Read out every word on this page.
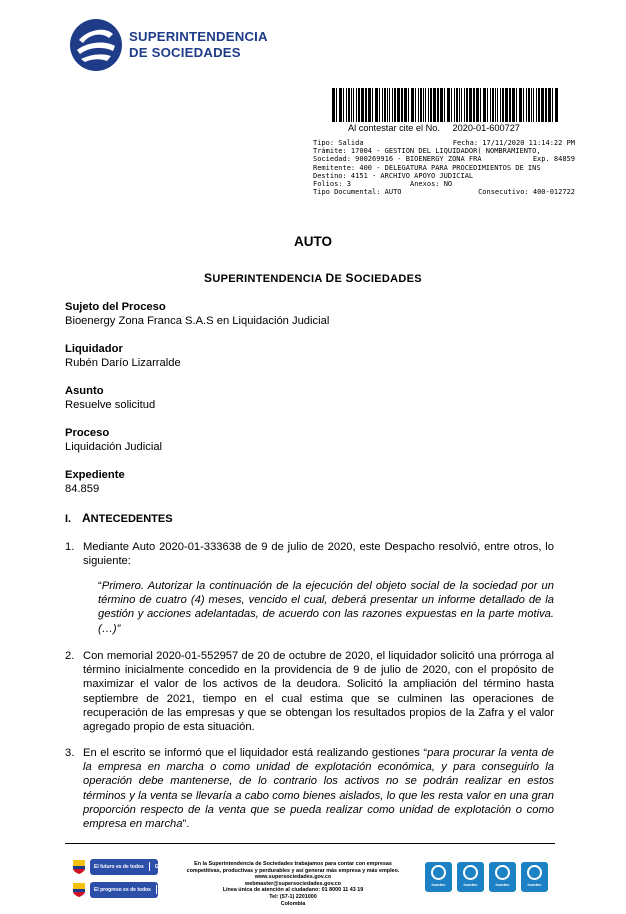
SUPERINTENDENCIA
DE SOCIEDADES
Al contestar cite el No. 2020-01-600727
Tipo: Salida	Fecha: 17/11/2020 11:14:22 PM
Trámite: 17004 - GESTION DEL LIQUIDADOR( NOMBRAMIENTO,
Sociedad: 900269916 - BIOENERGY ZONA FRA	Exp. 84859
Remitente: 400 - DELEGATURA PARA PROCEDIMIENTOS DE INS
Destino: 4151 - ARCHIVO APOYO JUDICIAL
Folios: 3	Anexos: NO
Tipo Documental: AUTO	Consecutivo: 400-012722
AUTO
SUPERINTENDENCIA DE SOCIEDADES
Sujeto del Proceso
Bioenergy Zona Franca S.A.S en Liquidación Judicial
Liquidador
Rubén Darío Lizarralde
Asunto
Resuelve solicitud
Proceso
Liquidación Judicial
Expediente
84.859
I. ANTECEDENTES
1. Mediante Auto 2020-01-333638 de 9 de julio de 2020, este Despacho resolvió, entre otros, lo siguiente:
“Primero. Autorizar la continuación de la ejecución del objeto social de la sociedad por un término de cuatro (4) meses, vencido el cual, deberá presentar un informe detallado de la gestión y acciones adelantadas, de acuerdo con las razones expuestas en la parte motiva. (…)”
2. Con memorial 2020-01-552957 de 20 de octubre de 2020, el liquidador solicitó una prórroga al término inicialmente concedido en la providencia de 9 de julio de 2020, con el propósito de maximizar el valor de los activos de la deudora. Solicitó la ampliación del término hasta septiembre de 2021, tiempo en el cual estima que se culminen las operaciones de recuperación de las empresas y que se obtengan los resultados propios de la Zafra y el valor agregado propio de esta situación.
3. En el escrito se informó que el liquidador está realizando gestiones “para procurar la venta de la empresa en marcha o como unidad de explotación económica, y para conseguirlo la operación debe mantenerse, de lo contrario los activos no se podrán realizar en estos términos y la venta se llevaría a cabo como bienes aislados, lo que les resta valor en una gran proporción respecto de la venta que se pueda realizar como unidad de explotación o como empresa en marcha”.
El futuro es de todos Gobierno de Colombia
El progreso es de todos MinComercio
En la Superintendencia de Sociedades trabajamos para contar con empresas
competitivas, productivas y perdurables y así generar más empresa y más empleo.
www.supersociedades.gov.co
webmaster@supersociedades.gov.co
Línea única de atención al ciudadano: 01 8000 11 43 19
Tel: (57-1) 2201000
Colombia
icontec	icontec	icontec	icontec
